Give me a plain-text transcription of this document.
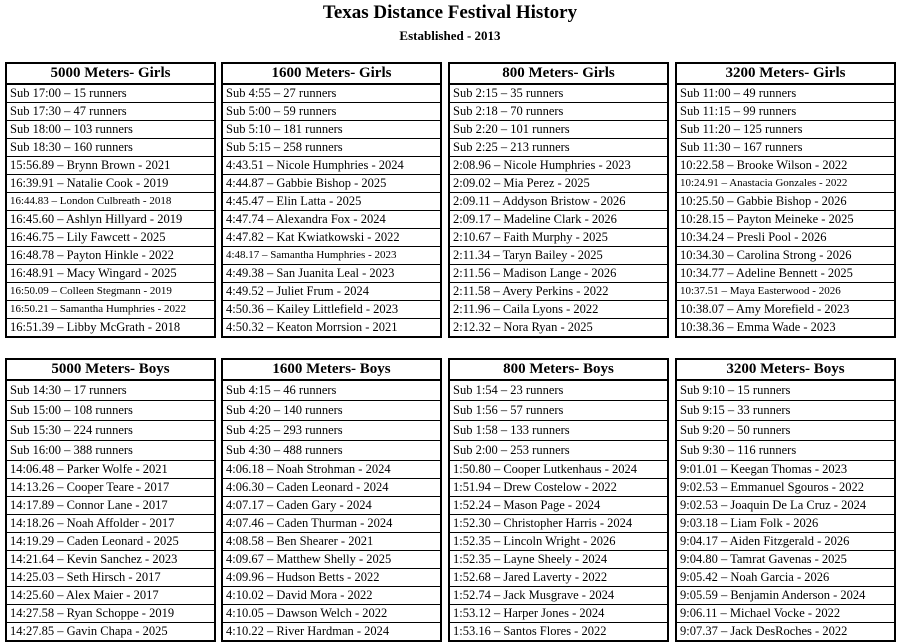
Texas Distance Festival History
Established - 2013
5000 Meters- Girls
Sub 17:00 – 15 runners
Sub 17:30 – 47 runners
Sub 18:00 – 103 runners
Sub 18:30 – 160 runners
15:56.89 – Brynn Brown - 2021
16:39.91 – Natalie Cook - 2019
16:44.83 – London Culbreath - 2018
16:45.60 – Ashlyn Hillyard - 2019
16:46.75 – Lily Fawcett - 2025
16:48.78 – Payton Hinkle - 2022
16:48.91 – Macy Wingard - 2025
16:50.09 – Colleen Stegmann - 2019
16:50.21 – Samantha Humphries - 2022
16:51.39 – Libby McGrath - 2018
1600 Meters- Girls
Sub 4:55 – 27 runners
Sub 5:00 – 59 runners
Sub 5:10 – 181 runners
Sub 5:15 – 258 runners
4:43.51 – Nicole Humphries - 2024
4:44.87 – Gabbie Bishop - 2025
4:45.47 – Elin Latta - 2025
4:47.74 – Alexandra Fox - 2024
4:47.82 – Kat Kwiatkowski - 2022
4:48.17 – Samantha Humphries - 2023
4:49.38 – San Juanita Leal - 2023
4:49.52 – Juliet Frum - 2024
4:50.36 – Kailey Littlefield - 2023
4:50.32 – Keaton Morrsion - 2021
800 Meters- Girls
Sub 2:15 – 35 runners
Sub 2:18 – 70 runners
Sub 2:20 – 101 runners
Sub 2:25 – 213 runners
2:08.96 – Nicole Humphries - 2023
2:09.02 – Mia Perez - 2025
2:09.11 – Addyson Bristow - 2026
2:09.17 – Madeline Clark - 2026
2:10.67 – Faith Murphy - 2025
2:11.34 – Taryn Bailey - 2025
2:11.56 – Madison Lange - 2026
2:11.58 – Avery Perkins - 2022
2:11.96 – Caila Lyons - 2022
2:12.32 – Nora Ryan - 2025
3200 Meters- Girls
Sub 11:00 – 49 runners
Sub 11:15 – 99 runners
Sub 11:20 – 125 runners
Sub 11:30 – 167 runners
10:22.58 – Brooke Wilson - 2022
10:24.91 – Anastacia Gonzales - 2022
10:25.50 – Gabbie Bishop - 2026
10:28.15 – Payton Meineke - 2025
10:34.24 – Presli Pool - 2026
10:34.30 – Carolina Strong - 2026
10:34.77 – Adeline Bennett - 2025
10:37.51 – Maya Easterwood - 2026
10:38.07 – Amy Morefield - 2023
10:38.36 – Emma Wade - 2023
5000 Meters- Boys
Sub 14:30 – 17 runners
Sub 15:00 – 108 runners
Sub 15:30 – 224 runners
Sub 16:00 – 388 runners
14:06.48 – Parker Wolfe - 2021
14:13.26 – Cooper Teare - 2017
14:17.89 – Connor Lane - 2017
14:18.26 – Noah Affolder - 2017
14:19.29 – Caden Leonard - 2025
14:21.64 – Kevin Sanchez - 2023
14:25.03 – Seth Hirsch - 2017
14:25.60 – Alex Maier - 2017
14:27.58 – Ryan Schoppe - 2019
14:27.85 – Gavin Chapa - 2025
1600 Meters- Boys
Sub 4:15 – 46 runners
Sub 4:20 – 140 runners
Sub 4:25 – 293 runners
Sub 4:30 – 488 runners
4:06.18 – Noah Strohman - 2024
4:06.30 – Caden Leonard - 2024
4:07.17 – Caden Gary - 2024
4:07.46 – Caden Thurman - 2024
4:08.58 – Ben Shearer - 2021
4:09.67 – Matthew Shelly - 2025
4:09.96 – Hudson Betts - 2022
4:10.02 – David Mora - 2022
4:10.05 – Dawson Welch - 2022
4:10.22 – River Hardman - 2024
800 Meters- Boys
Sub 1:54 – 23 runners
Sub 1:56 – 57 runners
Sub 1:58 – 133 runners
Sub 2:00 – 253 runners
1:50.80 – Cooper Lutkenhaus - 2024
1:51.94 – Drew Costelow - 2022
1:52.24 – Mason Page - 2024
1:52.30 – Christopher Harris - 2024
1:52.35 – Lincoln Wright - 2026
1:52.35 – Layne Sheely - 2024
1:52.68 – Jared Laverty - 2022
1:52.74 – Jack Musgrave - 2024
1:53.12 – Harper Jones - 2024
1:53.16 – Santos Flores - 2022
3200 Meters- Boys
Sub 9:10 – 15 runners
Sub 9:15 – 33 runners
Sub 9:20 – 50 runners
Sub 9:30 – 116 runners
9:01.01 – Keegan Thomas - 2023
9:02.53 – Emmanuel Sgouros - 2022
9:02.53 – Joaquin De La Cruz - 2024
9:03.18 – Liam Folk - 2026
9:04.17 – Aiden Fitzgerald - 2026
9:04.80 – Tamrat Gavenas - 2025
9:05.42 – Noah Garcia - 2026
9:05.59 – Benjamin Anderson - 2024
9:06.11 – Michael Vocke - 2022
9:07.37 – Jack DesRoches - 2022
